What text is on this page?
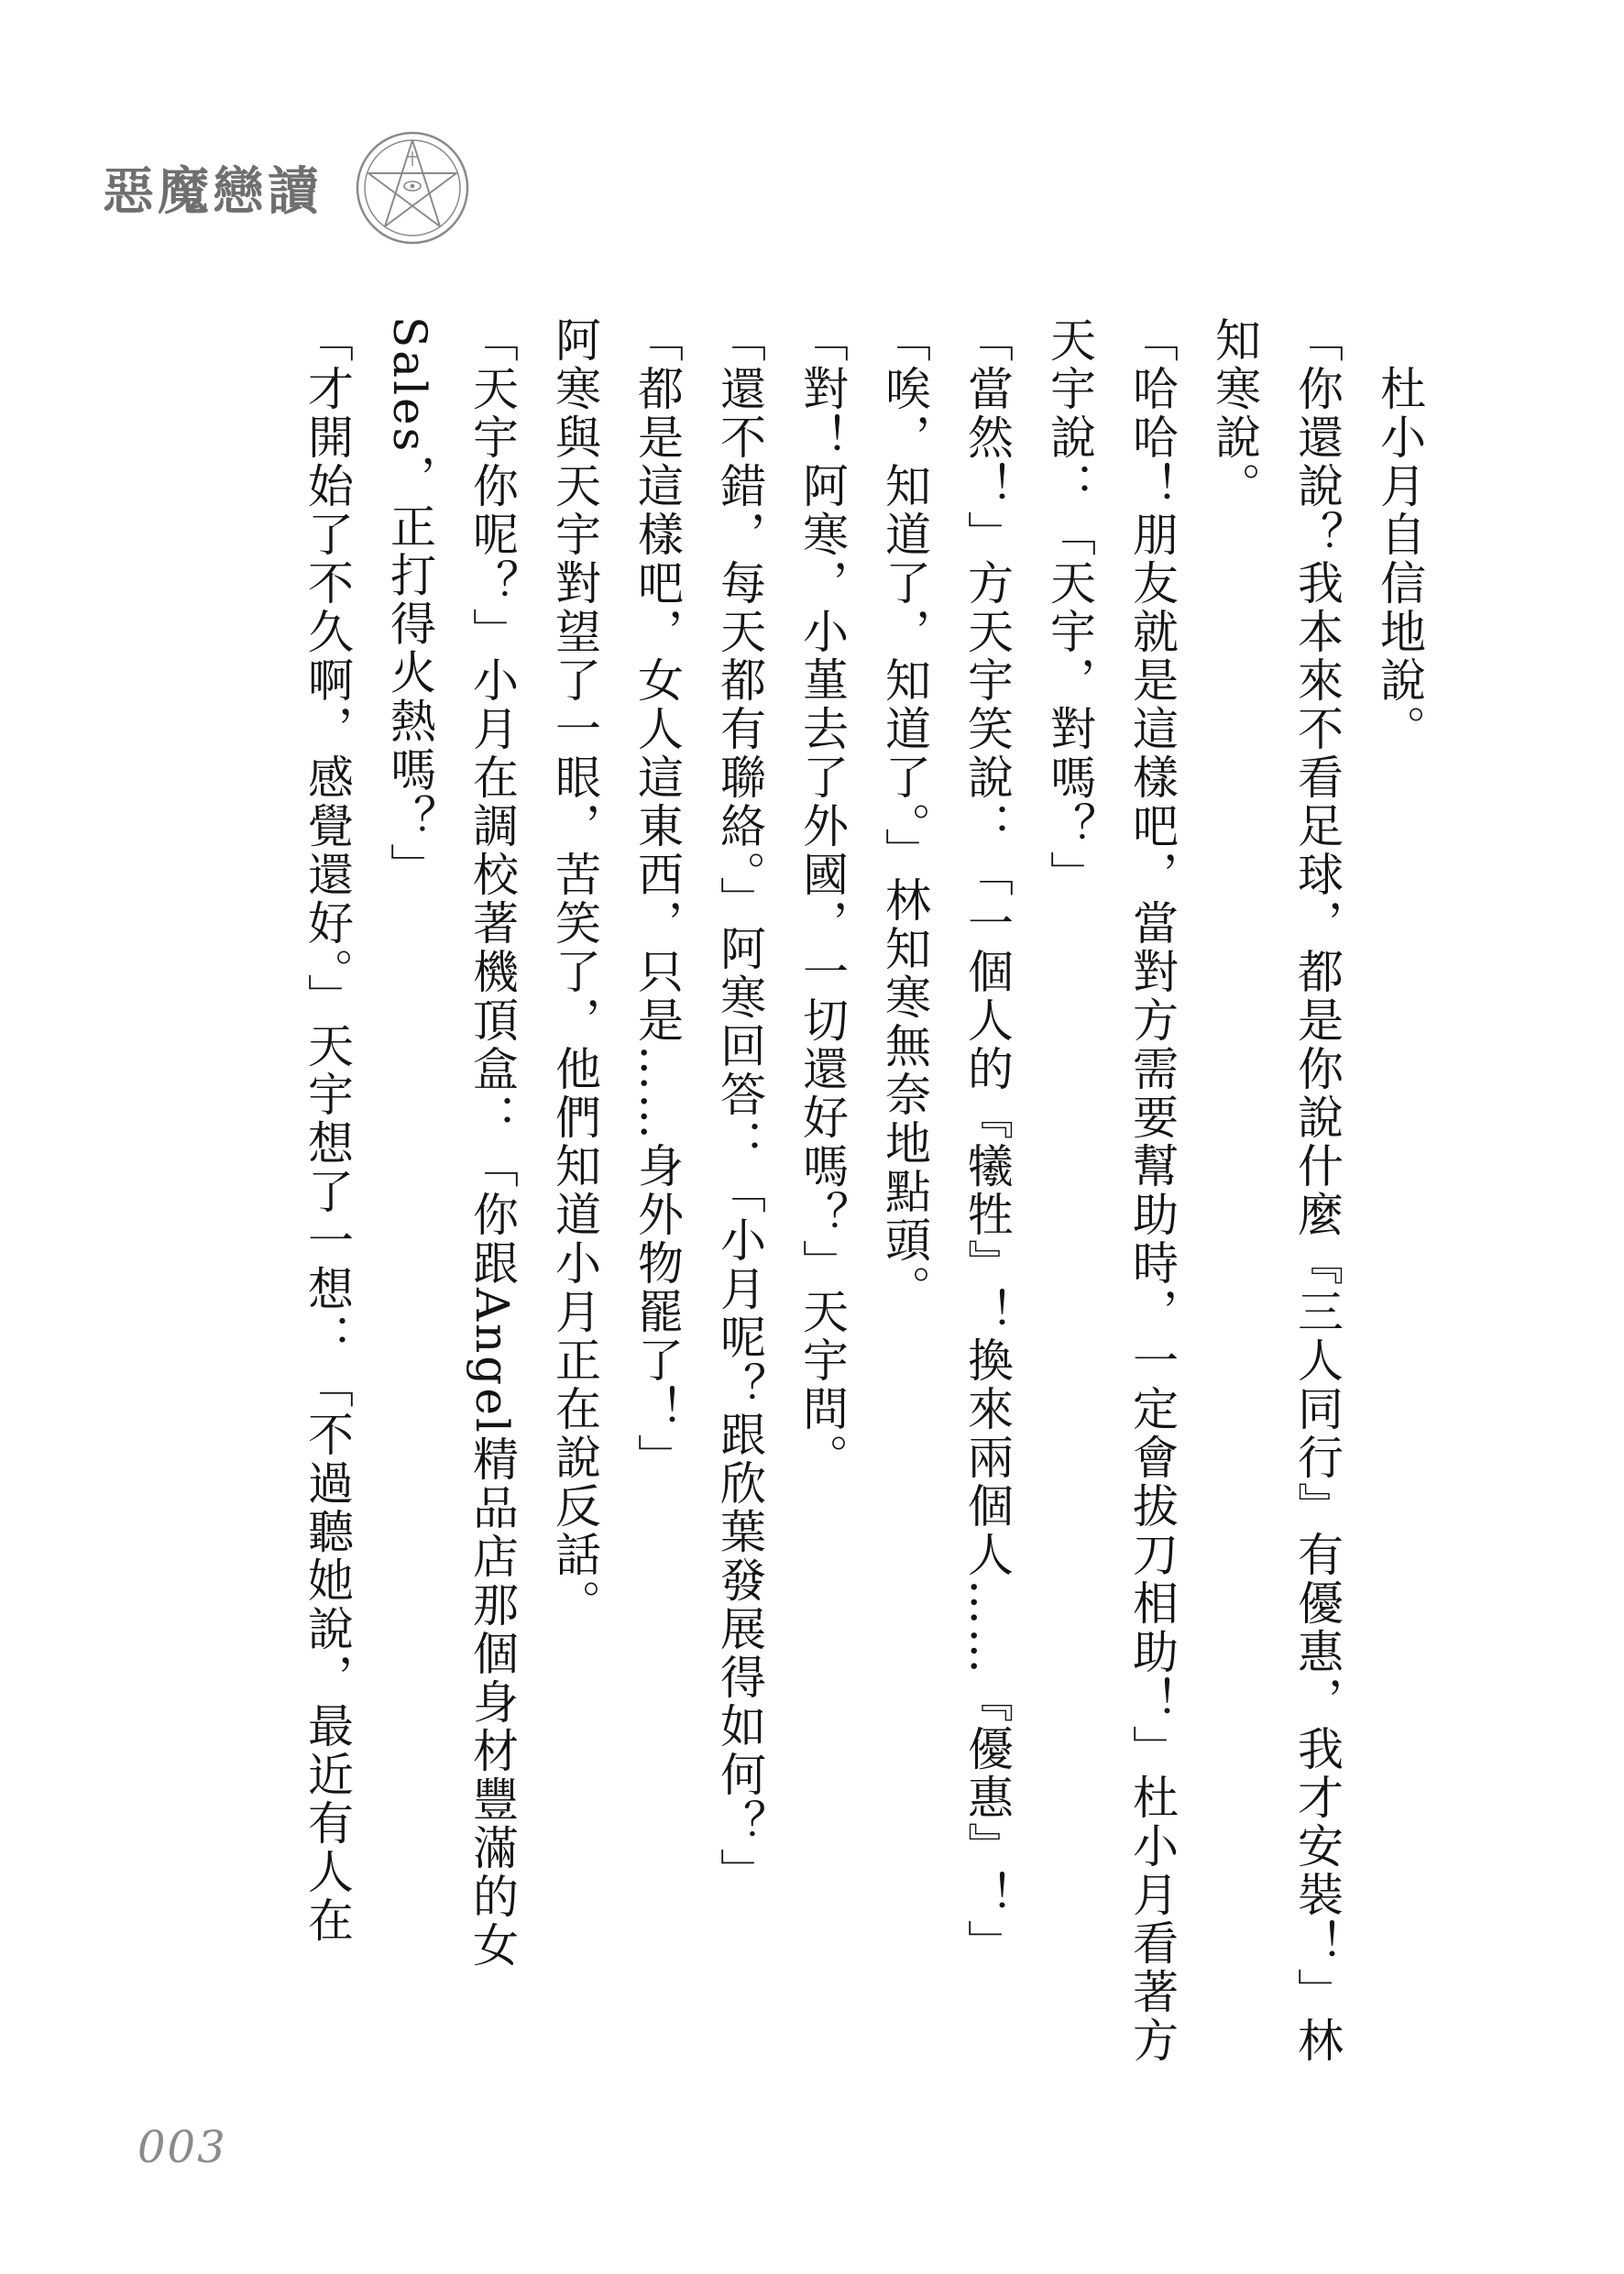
惡魔戀讀

杜小月自信地說。

「你還說？我本來不看足球，都是你說什麼『三人同行』有優惠，我才安裝！」林知寒說。

「哈哈！朋友就是這樣吧，當對方需要幫助時，一定會拔刀相助！」杜小月看著方天宇說：「天宇，對嗎？」

「當然！」方天宇笑說：「一個人的『犧牲』！換來兩個人……『優惠』！」

「唉，知道了，知道了。」林知寒無奈地點頭。

「對！阿寒，小堇去了外國，一切還好嗎？」天宇問。

「還不錯，每天都有聯絡。」阿寒回答：「小月呢？跟欣葉發展得如何？」

「都是這樣吧，女人這東西，只是……身外物罷了！」

阿寒與天宇對望了一眼，苦笑了，他們知道小月正在說反話。

「天宇你呢？」小月在調校著機頂盒：「你跟Angel精品店那個身材豐滿的女Sales，正打得火熱嗎？」

「才開始了不久啊，感覺還好。」天宇想了一想：「不過聽她說，最近有人在

003
